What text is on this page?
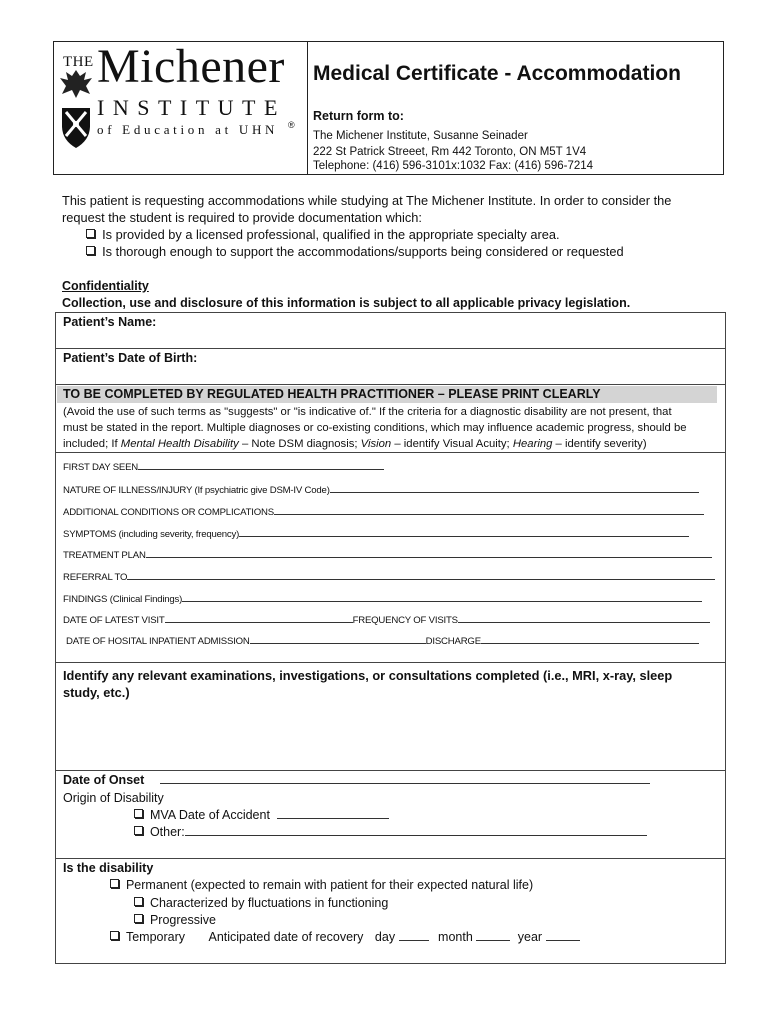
THE Michener
INSTITUTE
of Education at UHN ®
Medical Certificate - Accommodation
Return form to:
The Michener Institute, Susanne Seinader
222 St Patrick Streeet, Rm 442 Toronto, ON M5T 1V4
Telephone: (416) 596-3101x:1032 Fax: (416) 596-7214
This patient is requesting accommodations while studying at The Michener Institute. In order to consider the
request the student is required to provide documentation which:
Is provided by a licensed professional, qualified in the appropriate specialty area.
Is thorough enough to support the accommodations/supports being considered or requested
Confidentiality
Collection, use and disclosure of this information is subject to all applicable privacy legislation.
Patient’s Name:
Patient’s Date of Birth:
TO BE COMPLETED BY REGULATED HEALTH PRACTITIONER – PLEASE PRINT CLEARLY
(Avoid the use of such terms as "suggests" or "is indicative of." If the criteria for a diagnostic disability are not present, that
must be stated in the report. Multiple diagnoses or co-existing conditions, which may influence academic progress, should be
included; If Mental Health Disability – Note DSM diagnosis; Vision – identify Visual Acuity; Hearing – identify severity)
FIRST DAY SEEN
NATURE OF ILLNESS/INJURY (If psychiatric give DSM-IV Code)
ADDITIONAL CONDITIONS OR COMPLICATIONS
SYMPTOMS (including severity, frequency)
TREATMENT PLAN
REFERRAL TO
FINDINGS (Clinical Findings)
DATE OF LATEST VISIT	FREQUENCY OF VISITS
DATE OF HOSITAL INPATIENT ADMISSION	DISCHARGE
Identify any relevant examinations, investigations, or consultations completed (i.e., MRI, x-ray, sleep
study, etc.)
Date of Onset
Origin of Disability
MVA Date of Accident
Other:
Is the disability
Permanent (expected to remain with patient for their expected natural life)
Characterized by fluctuations in functioning
Progressive
Temporary Anticipated date of recovery day	month	year
